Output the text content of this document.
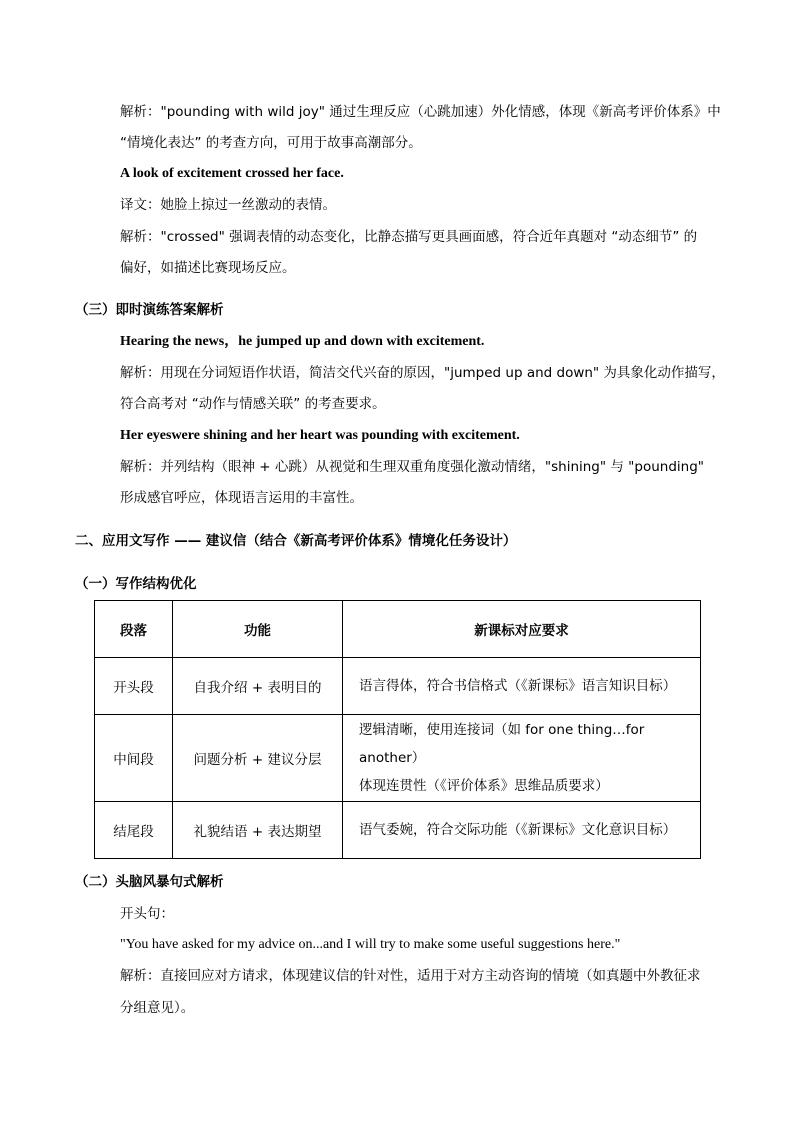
解析："pounding with wild joy" 通过生理反应（心跳加速）外化情感，体现《新高考评价体系》中
“情境化表达” 的考查方向，可用于故事高潮部分。
A look of excitement crossed her face.
译文：她脸上掠过一丝激动的表情。
解析："crossed" 强调表情的动态变化，比静态描写更具画面感，符合近年真题对 “动态细节” 的
偏好，如描述比赛现场反应。
（三）即时演练答案解析
Hearing the news，he jumped up and down with excitement.
解析：用现在分词短语作状语，简洁交代兴奋的原因，"jumped up and down" 为具象化动作描写，
符合高考对 “动作与情感关联” 的考查要求。
Her eyeswere shining and her heart was pounding with excitement.
解析：并列结构（眼神 + 心跳）从视觉和生理双重角度强化激动情绪，"shining" 与 "pounding"
形成感官呼应，体现语言运用的丰富性。
二、应用文写作 —— 建议信（结合《新高考评价体系》情境化任务设计）
（一）写作结构优化
段落	功能	新课标对应要求
开头段	自我介绍 + 表明目的	语言得体，符合书信格式（《新课标》语言知识目标）

中间段	问题分析 + 建议分层	逻辑清晰，使用连接词（如 for one thing…for another）
体现连贯性（《评价体系》思维品质要求）

结尾段	礼貌结语 + 表达期望	语气委婉，符合交际功能（《新课标》文化意识目标）
（二）头脑风暴句式解析
开头句：
"You have asked for my advice on...and I will try to make some useful suggestions here."
解析：直接回应对方请求，体现建议信的针对性，适用于对方主动咨询的情境（如真题中外教征求
分组意见）。
